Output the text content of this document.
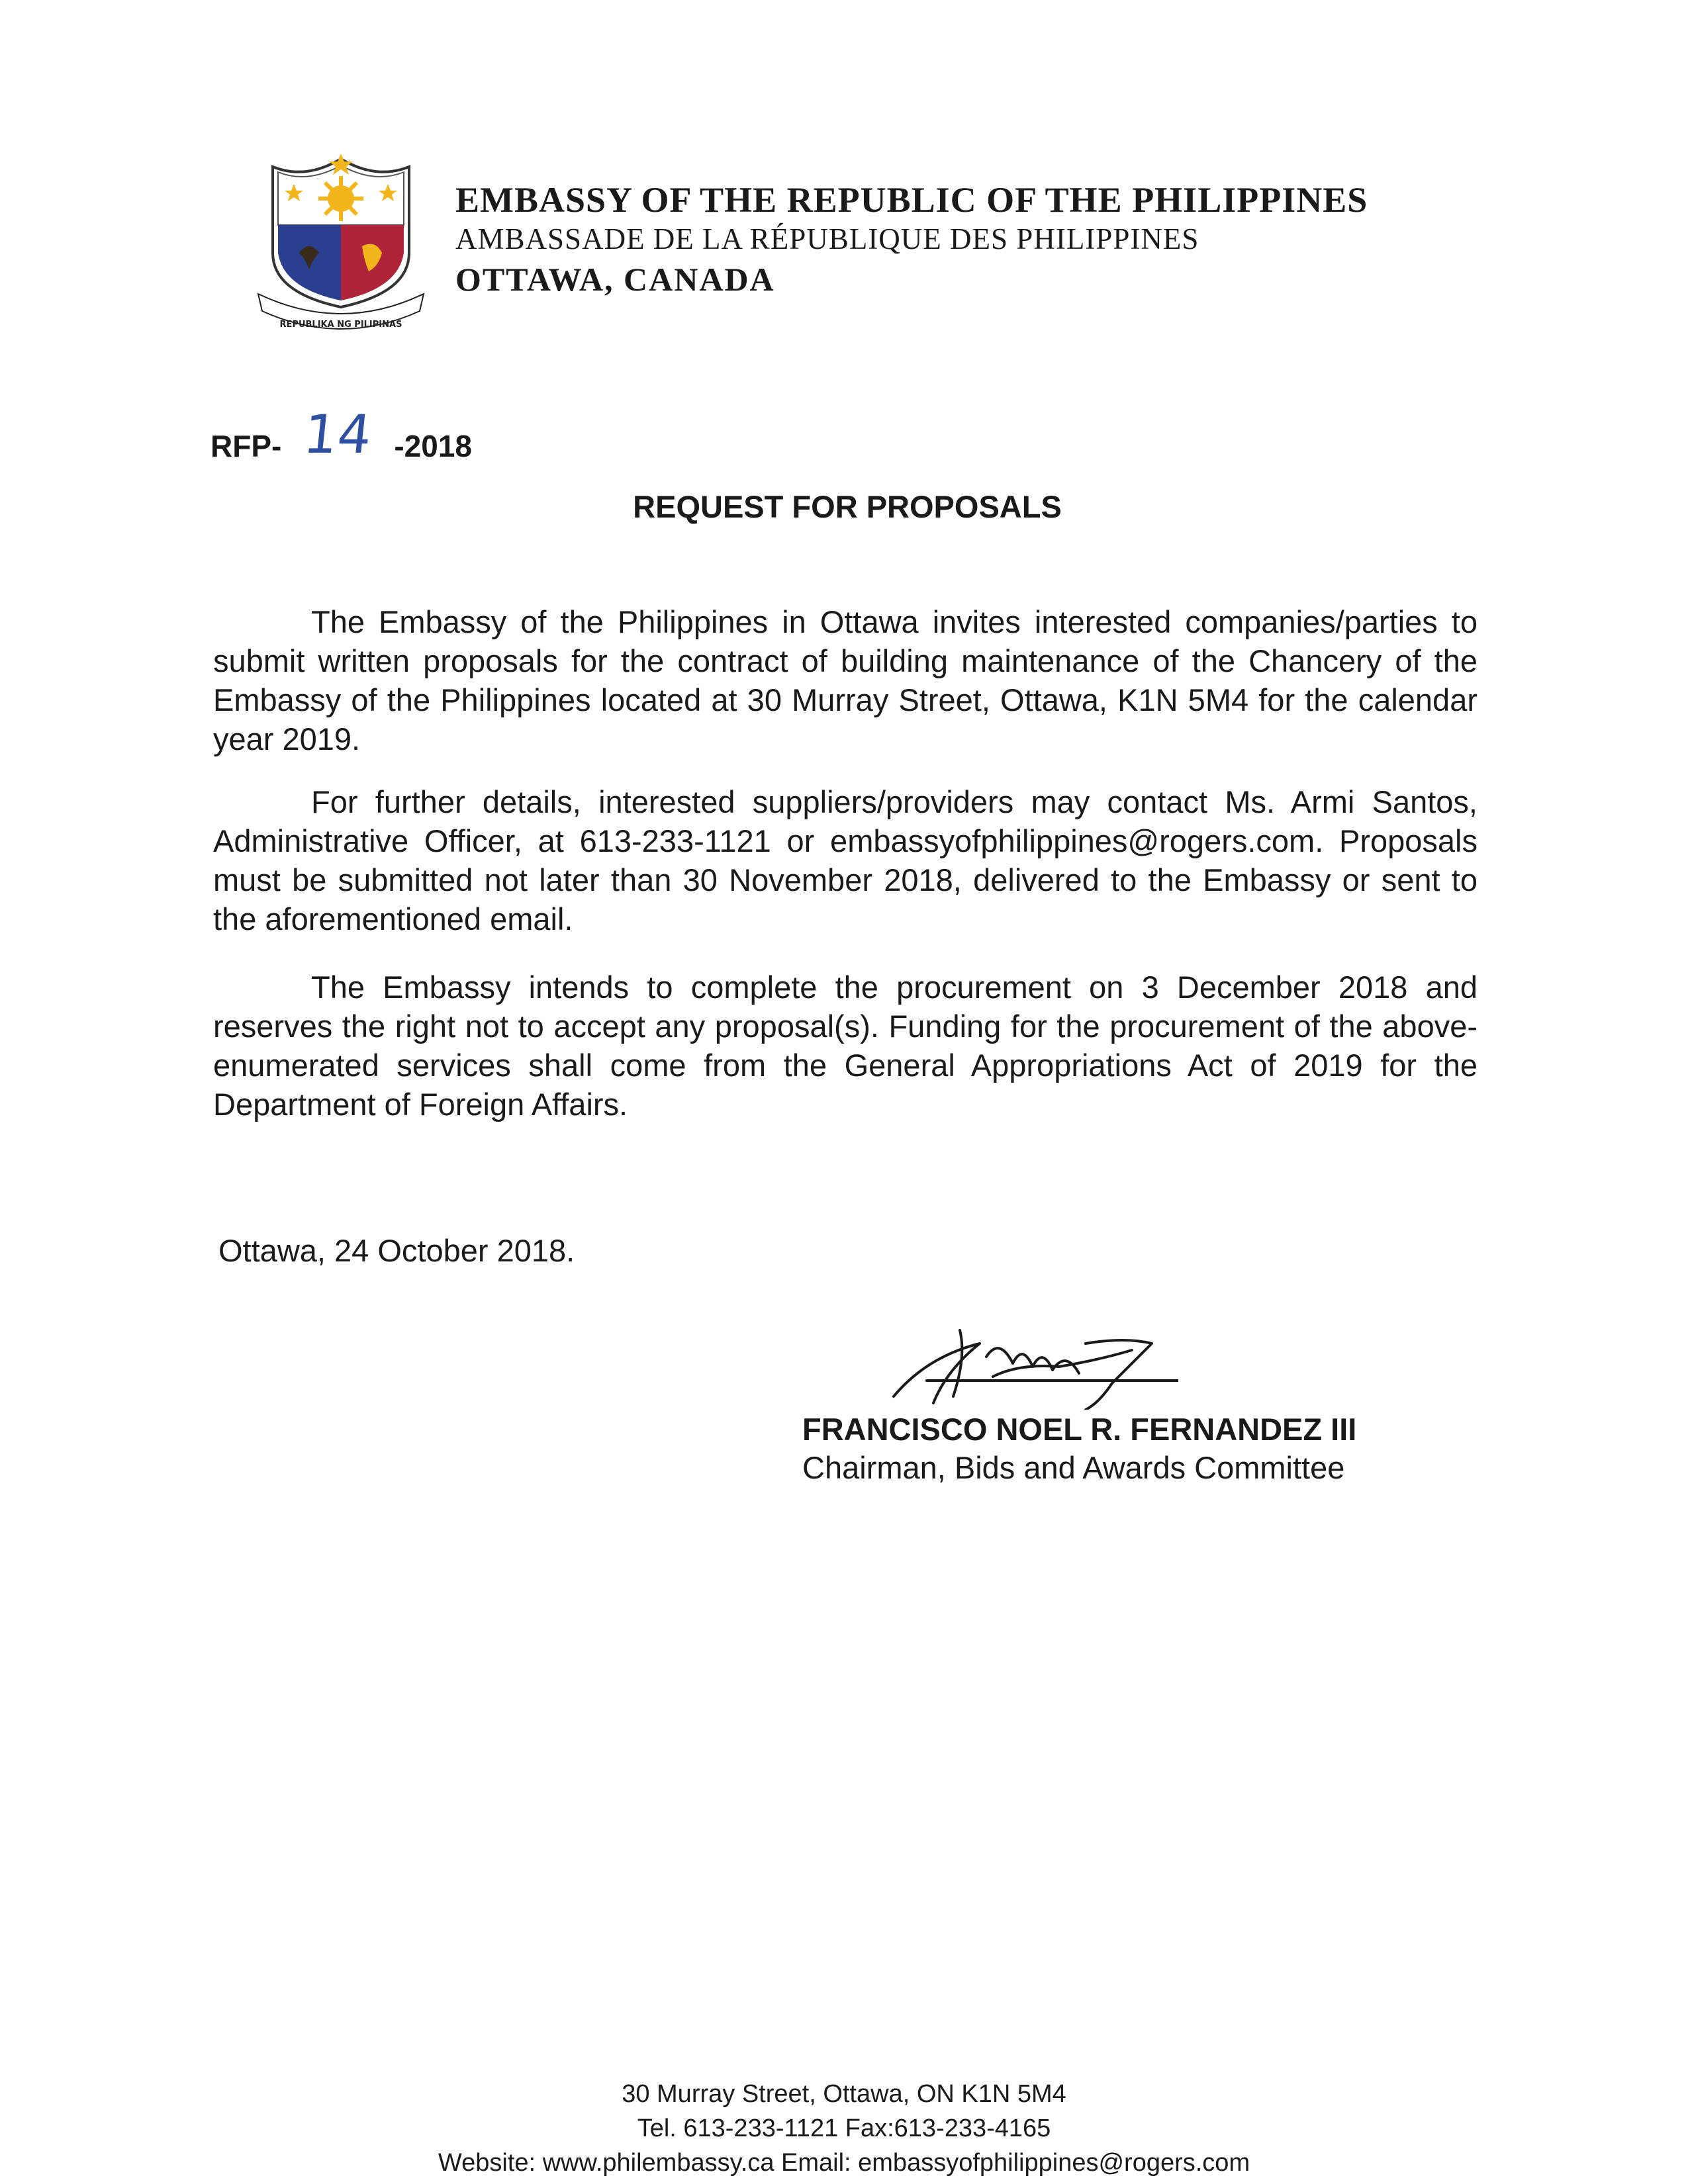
REPUBLIKA NG PILIPINAS
EMBASSY OF THE REPUBLIC OF THE PHILIPPINES
AMBASSADE DE LA RÉPUBLIQUE DES PHILIPPINES
OTTAWA, CANADA
RFP- 14 -2018
REQUEST FOR PROPOSALS

The Embassy of the Philippines in Ottawa invites interested companies/parties to submit written proposals for the contract of building maintenance of the Chancery of the Embassy of the Philippines located at 30 Murray Street, Ottawa, K1N 5M4 for the calendar year 2019.

For further details, interested suppliers/providers may contact Ms. Armi Santos, Administrative Officer, at 613-233-1121 or embassyofphilippines@rogers.com. Proposals must be submitted not later than 30 November 2018, delivered to the Embassy or sent to the aforementioned email.

The Embassy intends to complete the procurement on 3 December 2018 and reserves the right not to accept any proposal(s). Funding for the procurement of the above-enumerated services shall come from the General Appropriations Act of 2019 for the Department of Foreign Affairs.

Ottawa, 24 October 2018.
FRANCISCO NOEL R. FERNANDEZ III
Chairman, Bids and Awards Committee
30 Murray Street, Ottawa, ON K1N 5M4
Tel. 613-233-1121 Fax:613-233-4165
Website: www.philembassy.ca Email: embassyofphilippines@rogers.com
